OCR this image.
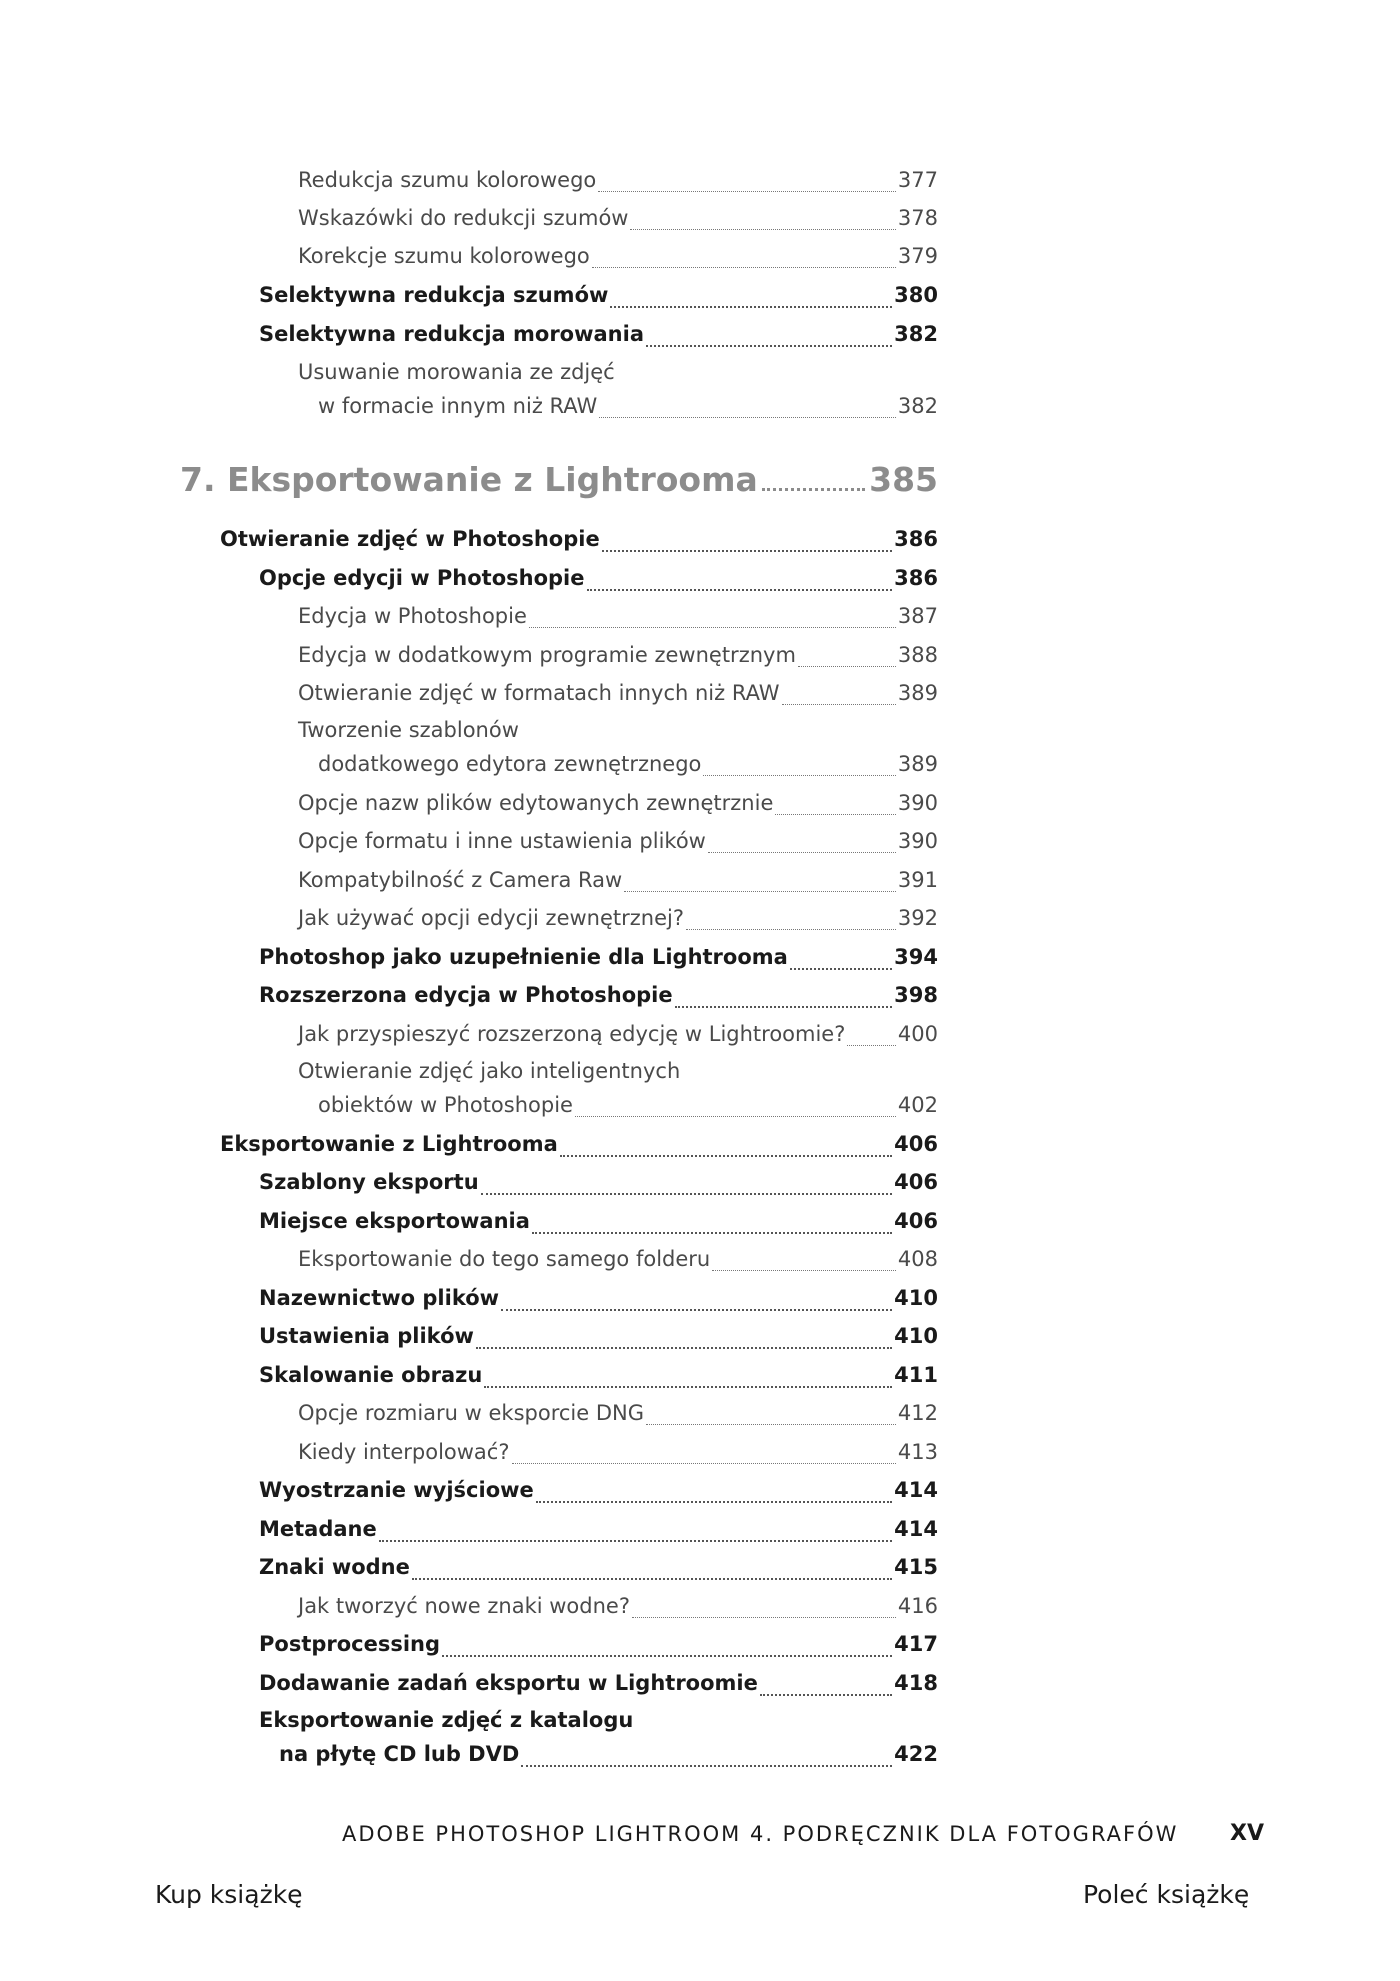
Redukcja szumu kolorowego	377
Wskazówki do redukcji szumów	378
Korekcje szumu kolorowego	379
Selektywna redukcja szumów	380
Selektywna redukcja morowania	382
Usuwanie morowania ze zdjęć
w formacie innym niż RAW	382
7. Eksportowanie z Lightrooma	385
Otwieranie zdjęć w Photoshopie	386
Opcje edycji w Photoshopie	386
Edycja w Photoshopie	387
Edycja w dodatkowym programie zewnętrznym	388
Otwieranie zdjęć w formatach innych niż RAW	389
Tworzenie szablonów
dodatkowego edytora zewnętrznego	389
Opcje nazw plików edytowanych zewnętrznie	390
Opcje formatu i inne ustawienia plików	390
Kompatybilność z Camera Raw	391
Jak używać opcji edycji zewnętrznej?	392
Photoshop jako uzupełnienie dla Lightrooma	394
Rozszerzona edycja w Photoshopie	398
Jak przyspieszyć rozszerzoną edycję w Lightroomie?	400
Otwieranie zdjęć jako inteligentnych
obiektów w Photoshopie	402
Eksportowanie z Lightrooma	406
Szablony eksportu	406
Miejsce eksportowania	406
Eksportowanie do tego samego folderu	408
Nazewnictwo plików	410
Ustawienia plików	410
Skalowanie obrazu	411
Opcje rozmiaru w eksporcie DNG	412
Kiedy interpolować?	413
Wyostrzanie wyjściowe	414
Metadane	414
Znaki wodne	415
Jak tworzyć nowe znaki wodne?	416
Postprocessing	417
Dodawanie zadań eksportu w Lightroomie	418
Eksportowanie zdjęć z katalogu
na płytę CD lub DVD	422
ADOBE PHOTOSHOP LIGHTROOM 4. PODRĘCZNIK DLA FOTOGRAFÓW XV
Kup książkę	Poleć książkę
